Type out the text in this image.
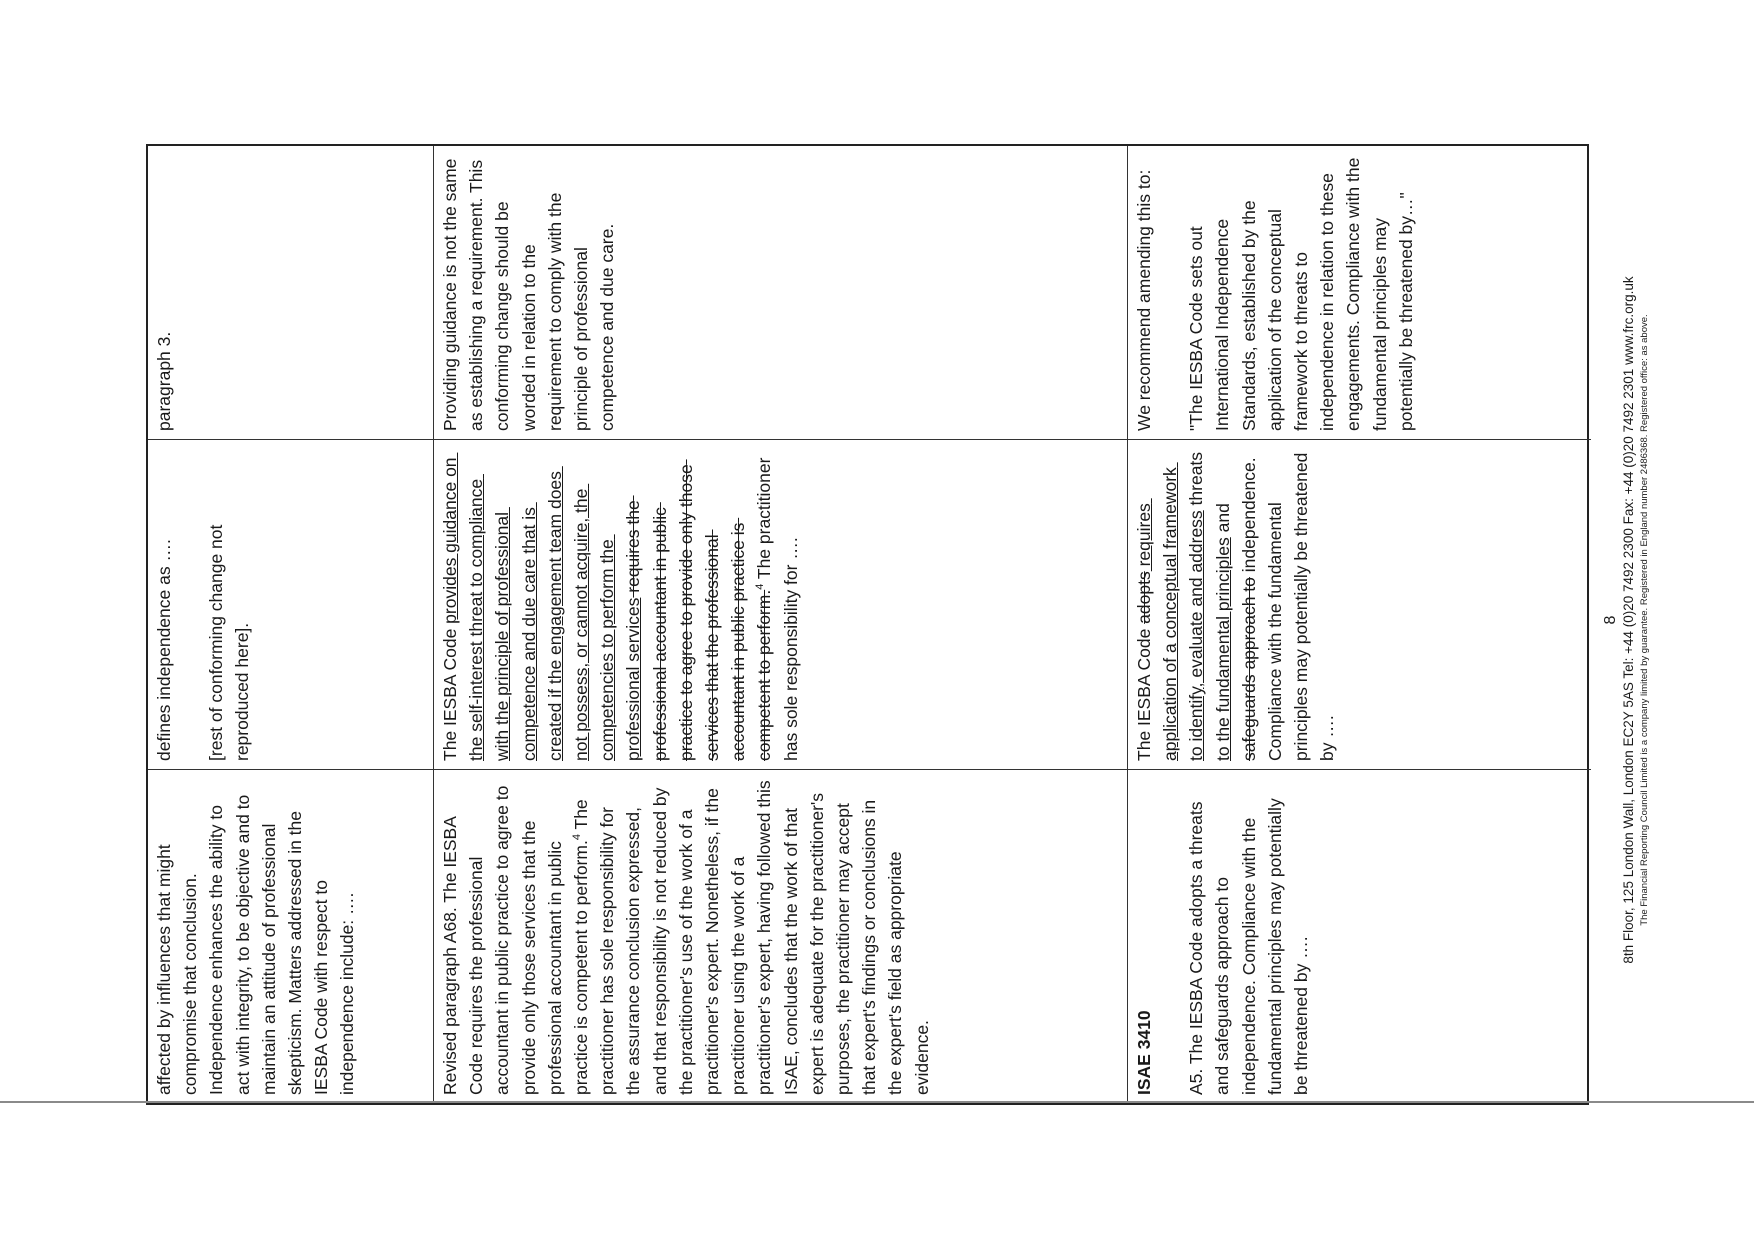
affected by influences that might compromise that conclusion. Independence enhances the ability to act with integrity, to be objective and to maintain an attitude of professional skepticism. Matters addressed in the IESBA Code with respect to independence include: ….
defines independence as …. [rest of conforming change not reproduced here].
paragraph 3.
Revised paragraph A68. The IESBA Code requires the professional accountant in public practice to agree to provide only those services that the professional accountant in public practice is competent to perform.$^4$ The practitioner has sole responsibility for the assurance conclusion expressed, and that responsibility is not reduced by the practitioner's use of the work of a practitioner's expert. Nonetheless, if the practitioner using the work of a practitioner's expert, having followed this ISAE, concludes that the work of that expert is adequate for the practitioner's purposes, the practitioner may accept that expert's findings or conclusions in the expert's field as appropriate evidence.
The IESBA Code provides guidance on the self-interest threat to compliance with the principle of professional competence and due care that is created if the engagement team does not possess, or cannot acquire, the competencies to perform the professional services requires the professional accountant in public practice to agree to provide only those services that the professional accountant in public practice is competent to perform.$^4$ The practitioner has sole responsibility for ….
Providing guidance is not the same as establishing a requirement. This conforming change should be worded in relation to the requirement to comply with the principle of professional competence and due care.
ISAE 3410 A5. The IESBA Code adopts a threats and safeguards approach to independence. Compliance with the fundamental principles may potentially be threatened by ….
The IESBA Code adopts requires application of a conceptual framework to identify, evaluate and address threats to the fundamental principles and safeguards approach to independence. Compliance with the fundamental principles may potentially be threatened by ….
We recommend amending this to: "The IESBA Code sets out International Independence Standards, established by the application of the conceptual framework to threats to independence in relation to these engagements. Compliance with the fundamental principles may potentially be threatened by…"
8 8th Floor, 125 London Wall, London EC2Y 5AS Tel: +44 (0)20 7492 2300 Fax: +44 (0)20 7492 2301 www.frc.org.uk The Financial Reporting Council Limited is a company limited by guarantee. Registered in England number 2486368. Registered office: as above.
